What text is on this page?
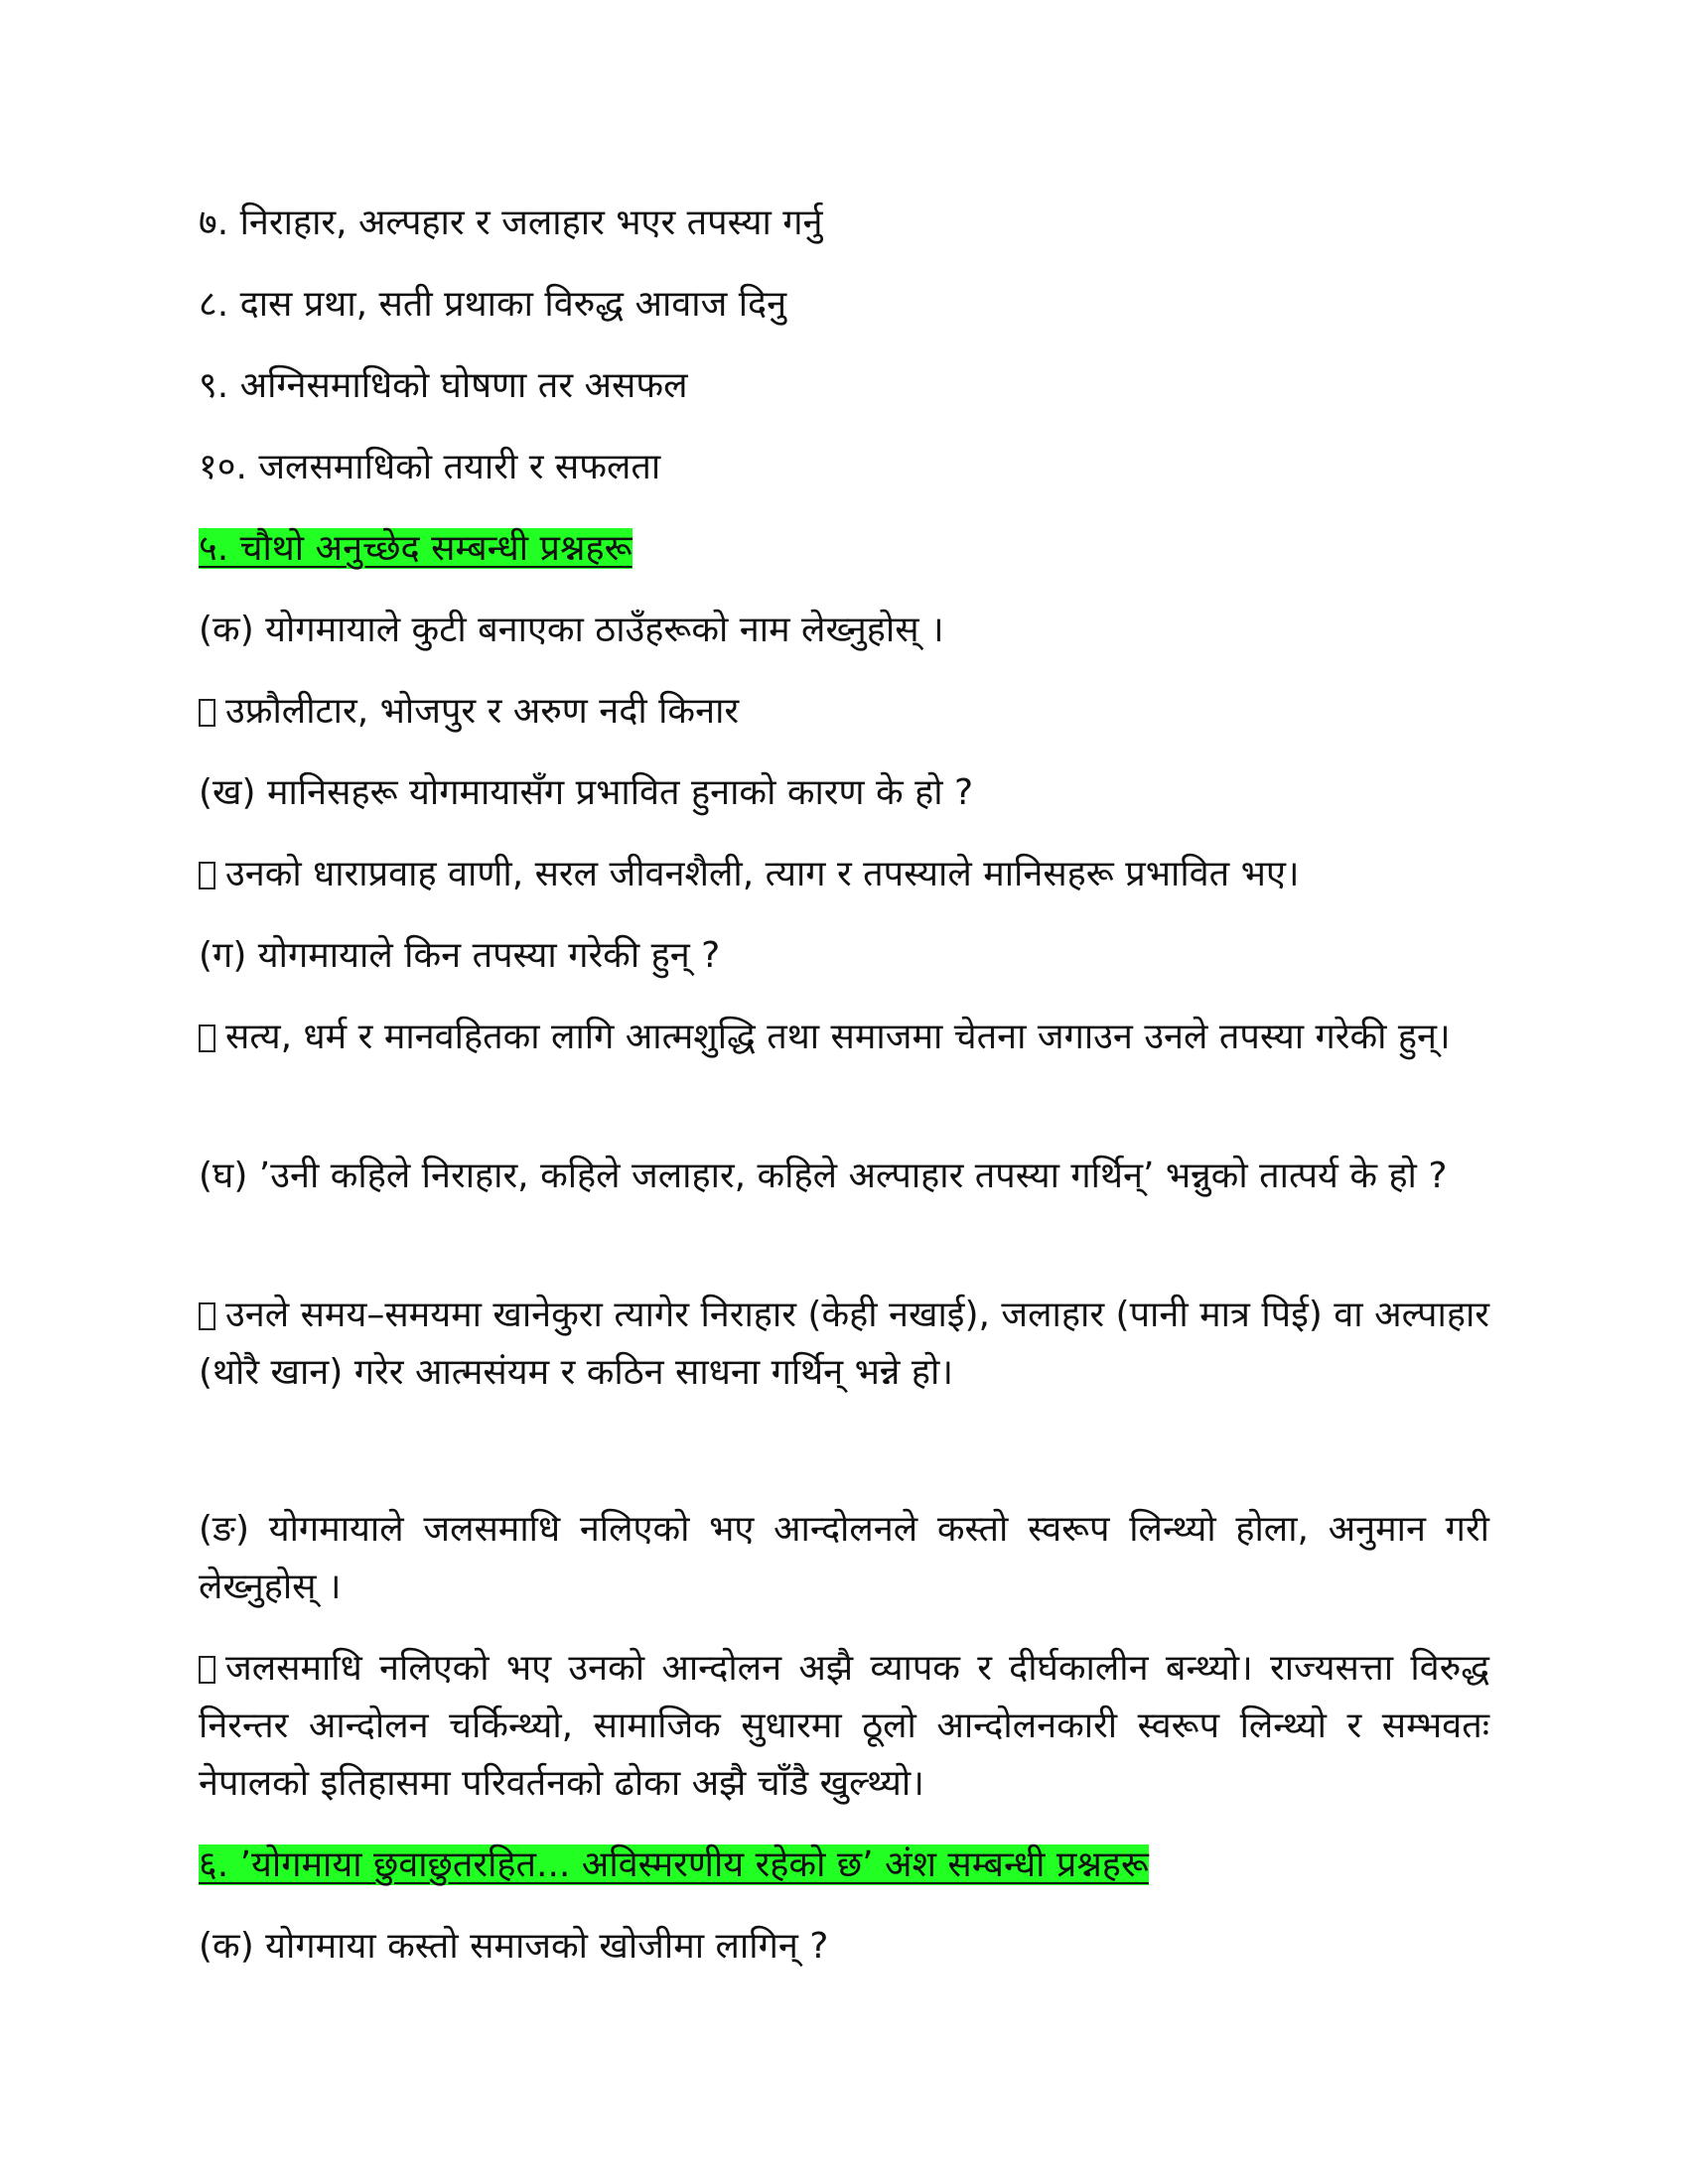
७. निराहार, अल्पहार र जलाहार भएर तपस्या गर्नु
८. दास प्रथा, सती प्रथाका विरुद्ध आवाज दिनु
९. अग्निसमाधिको घोषणा तर असफल
१०. जलसमाधिको तयारी र सफलता
५. चौथो अनुच्छेद सम्बन्धी प्रश्नहरू
(क) योगमायाले कुटी बनाएका ठाउँहरूको नाम लेख्नुहोस् ।
उफ्रौलीटार, भोजपुर र अरुण नदी किनार
(ख) मानिसहरू योगमायासँग प्रभावित हुनाको कारण के हो ?
उनको धाराप्रवाह वाणी, सरल जीवनशैली, त्याग र तपस्याले मानिसहरू प्रभावित भए।
(ग) योगमायाले किन तपस्या गरेकी हुन् ?
सत्य, धर्म र मानवहितका लागि आत्मशुद्धि तथा समाजमा चेतना जगाउन उनले तपस्या गरेकी हुन्।
(घ) ’उनी कहिले निराहार, कहिले जलाहार, कहिले अल्पाहार तपस्या गर्थिन्’ भन्नुको तात्पर्य के हो ?
उनले समय–समयमा खानेकुरा त्यागेर निराहार (केही नखाई), जलाहार (पानी मात्र पिई) वा अल्पाहार (थोरै खान) गरेर आत्मसंयम र कठिन साधना गर्थिन् भन्ने हो।
(ङ) योगमायाले जलसमाधि नलिएको भए आन्दोलनले कस्तो स्वरूप लिन्थ्यो होला, अनुमान गरी लेख्नुहोस् ।
जलसमाधि नलिएको भए उनको आन्दोलन अझै व्यापक र दीर्घकालीन बन्थ्यो। राज्यसत्ता विरुद्ध निरन्तर आन्दोलन चर्किन्थ्यो, सामाजिक सुधारमा ठूलो आन्दोलनकारी स्वरूप लिन्थ्यो र सम्भवतः नेपालको इतिहासमा परिवर्तनको ढोका अझै चाँडै खुल्थ्यो।
६. ’योगमाया छुवाछुतरहित... अविस्मरणीय रहेको छ’ अंश सम्बन्धी प्रश्नहरू
(क) योगमाया कस्तो समाजको खोजीमा लागिन् ?
